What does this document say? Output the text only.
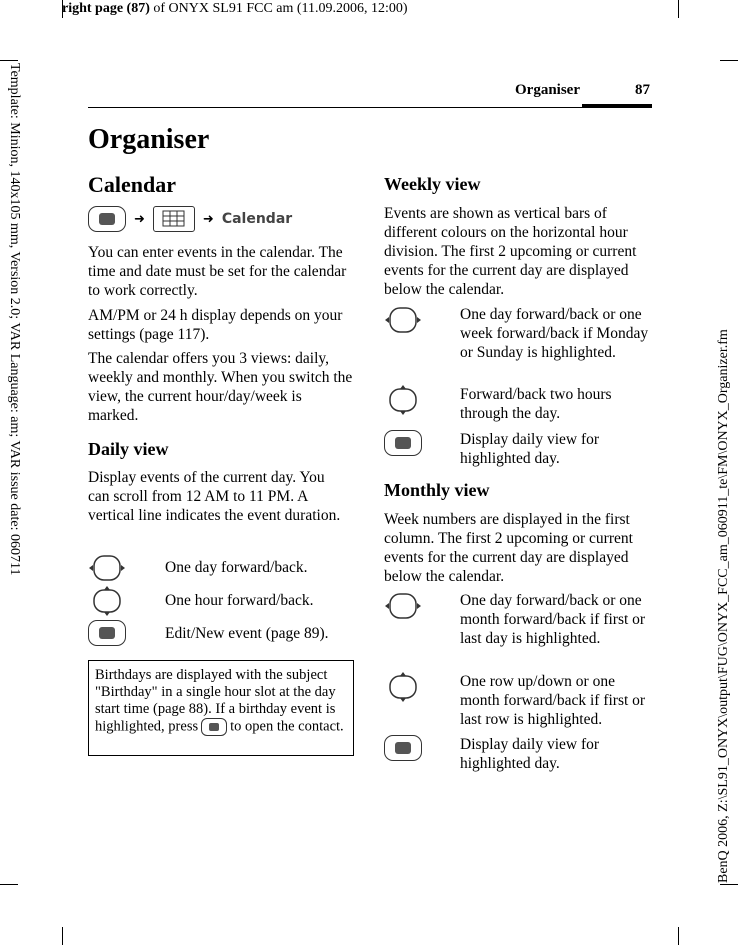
right page (87) of ONYX SL91 FCC am (11.09.2006, 12:00)
Template: Minion, 140x105 mm, Version 2.0; VAR Language: am; VAR issue date: 060711
BenQ 2006, Z:\SL91_ONYX\output\FUG\ONYX_FCC_am_060911_te\FM\ONYX_Organizer.fm
Organiser	87
Organiser
Calendar
➜	➜ Calendar
You can enter events in the calendar. The time and date must be set for the calendar to work correctly.
AM/PM or 24 h display depends on your settings (page 117).
The calendar offers you 3 views: daily, weekly and monthly. When you switch the view, the current hour/day/week is marked.
Daily view
Display events of the current day. You can scroll from 12 AM to 11 PM. A vertical line indicates the event duration.
One day forward/back.
One hour forward/back.
Edit/New event (page 89).
Birthdays are displayed with the subject "Birthday" in a single hour slot at the day start time (page 88). If a birthday event is highlighted, press to open the contact.
Weekly view
Events are shown as vertical bars of different colours on the horizontal hour division. The first 2 upcoming or current events for the current day are displayed below the calendar.
One day forward/back or one week forward/back if Monday or Sunday is highlighted.
Forward/back two hours through the day.
Display daily view for highlighted day.
Monthly view
Week numbers are displayed in the first column. The first 2 upcoming or current events for the current day are displayed below the calendar.
One day forward/back or one month forward/back if first or last day is highlighted.
One row up/down or one month forward/back if first or last row is highlighted.
Display daily view for highlighted day.
